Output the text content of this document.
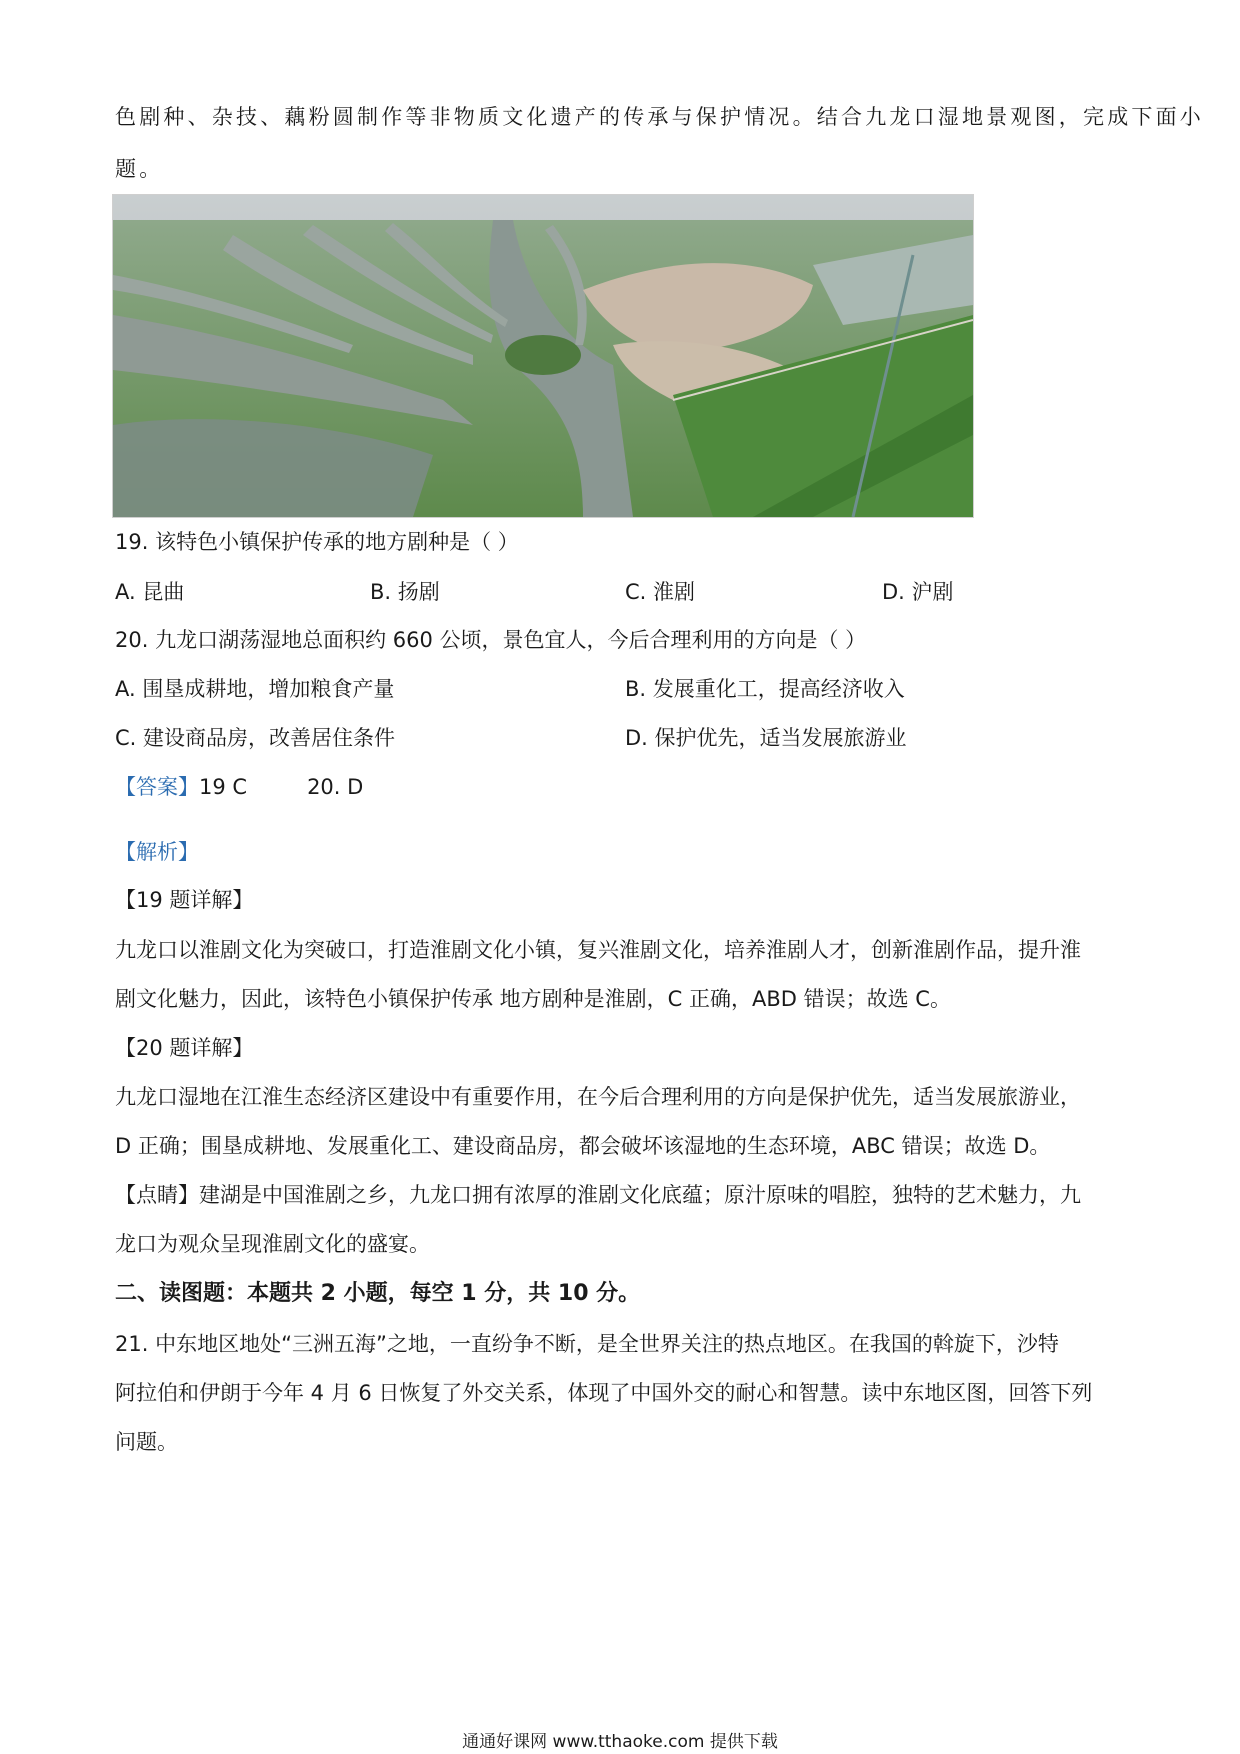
色剧种、杂技、藕粉圆制作等非物质文化遗产的传承与保护情况。结合九龙口湿地景观图，完成下面小
题。
19. 该特色小镇保护传承的地方剧种是（ ）
A. 昆曲	B. 扬剧	C. 淮剧	D. 沪剧
20. 九龙口湖荡湿地总面积约 660 公顷，景色宜人，今后合理利用的方向是（ ）
A. 围垦成耕地，增加粮食产量	B. 发展重化工，提高经济收入
C. 建设商品房，改善居住条件	D. 保护优先，适当发展旅游业
【答案】19 C	20. D
【解析】
【19 题详解】
九龙口以淮剧文化为突破口，打造淮剧文化小镇，复兴淮剧文化，培养淮剧人才，创新淮剧作品，提升淮
剧文化魅力，因此，该特色小镇保护传承 地方剧种是淮剧，C 正确，ABD 错误；故选 C。
【20 题详解】
九龙口湿地在江淮生态经济区建设中有重要作用，在今后合理利用的方向是保护优先，适当发展旅游业，
D 正确；围垦成耕地、发展重化工、建设商品房，都会破坏该湿地的生态环境，ABC 错误；故选 D。
【点睛】建湖是中国淮剧之乡，九龙口拥有浓厚的淮剧文化底蕴；原汁原味的唱腔，独特的艺术魅力，九
龙口为观众呈现淮剧文化的盛宴。
二、读图题：本题共 2 小题，每空 1 分，共 10 分。
21. 中东地区地处“三洲五海”之地，一直纷争不断，是全世界关注的热点地区。在我国的斡旋下，沙特
阿拉伯和伊朗于今年 4 月 6 日恢复了外交关系，体现了中国外交的耐心和智慧。读中东地区图，回答下列
问题。
通通好课网 www.tthaoke.com 提供下载
